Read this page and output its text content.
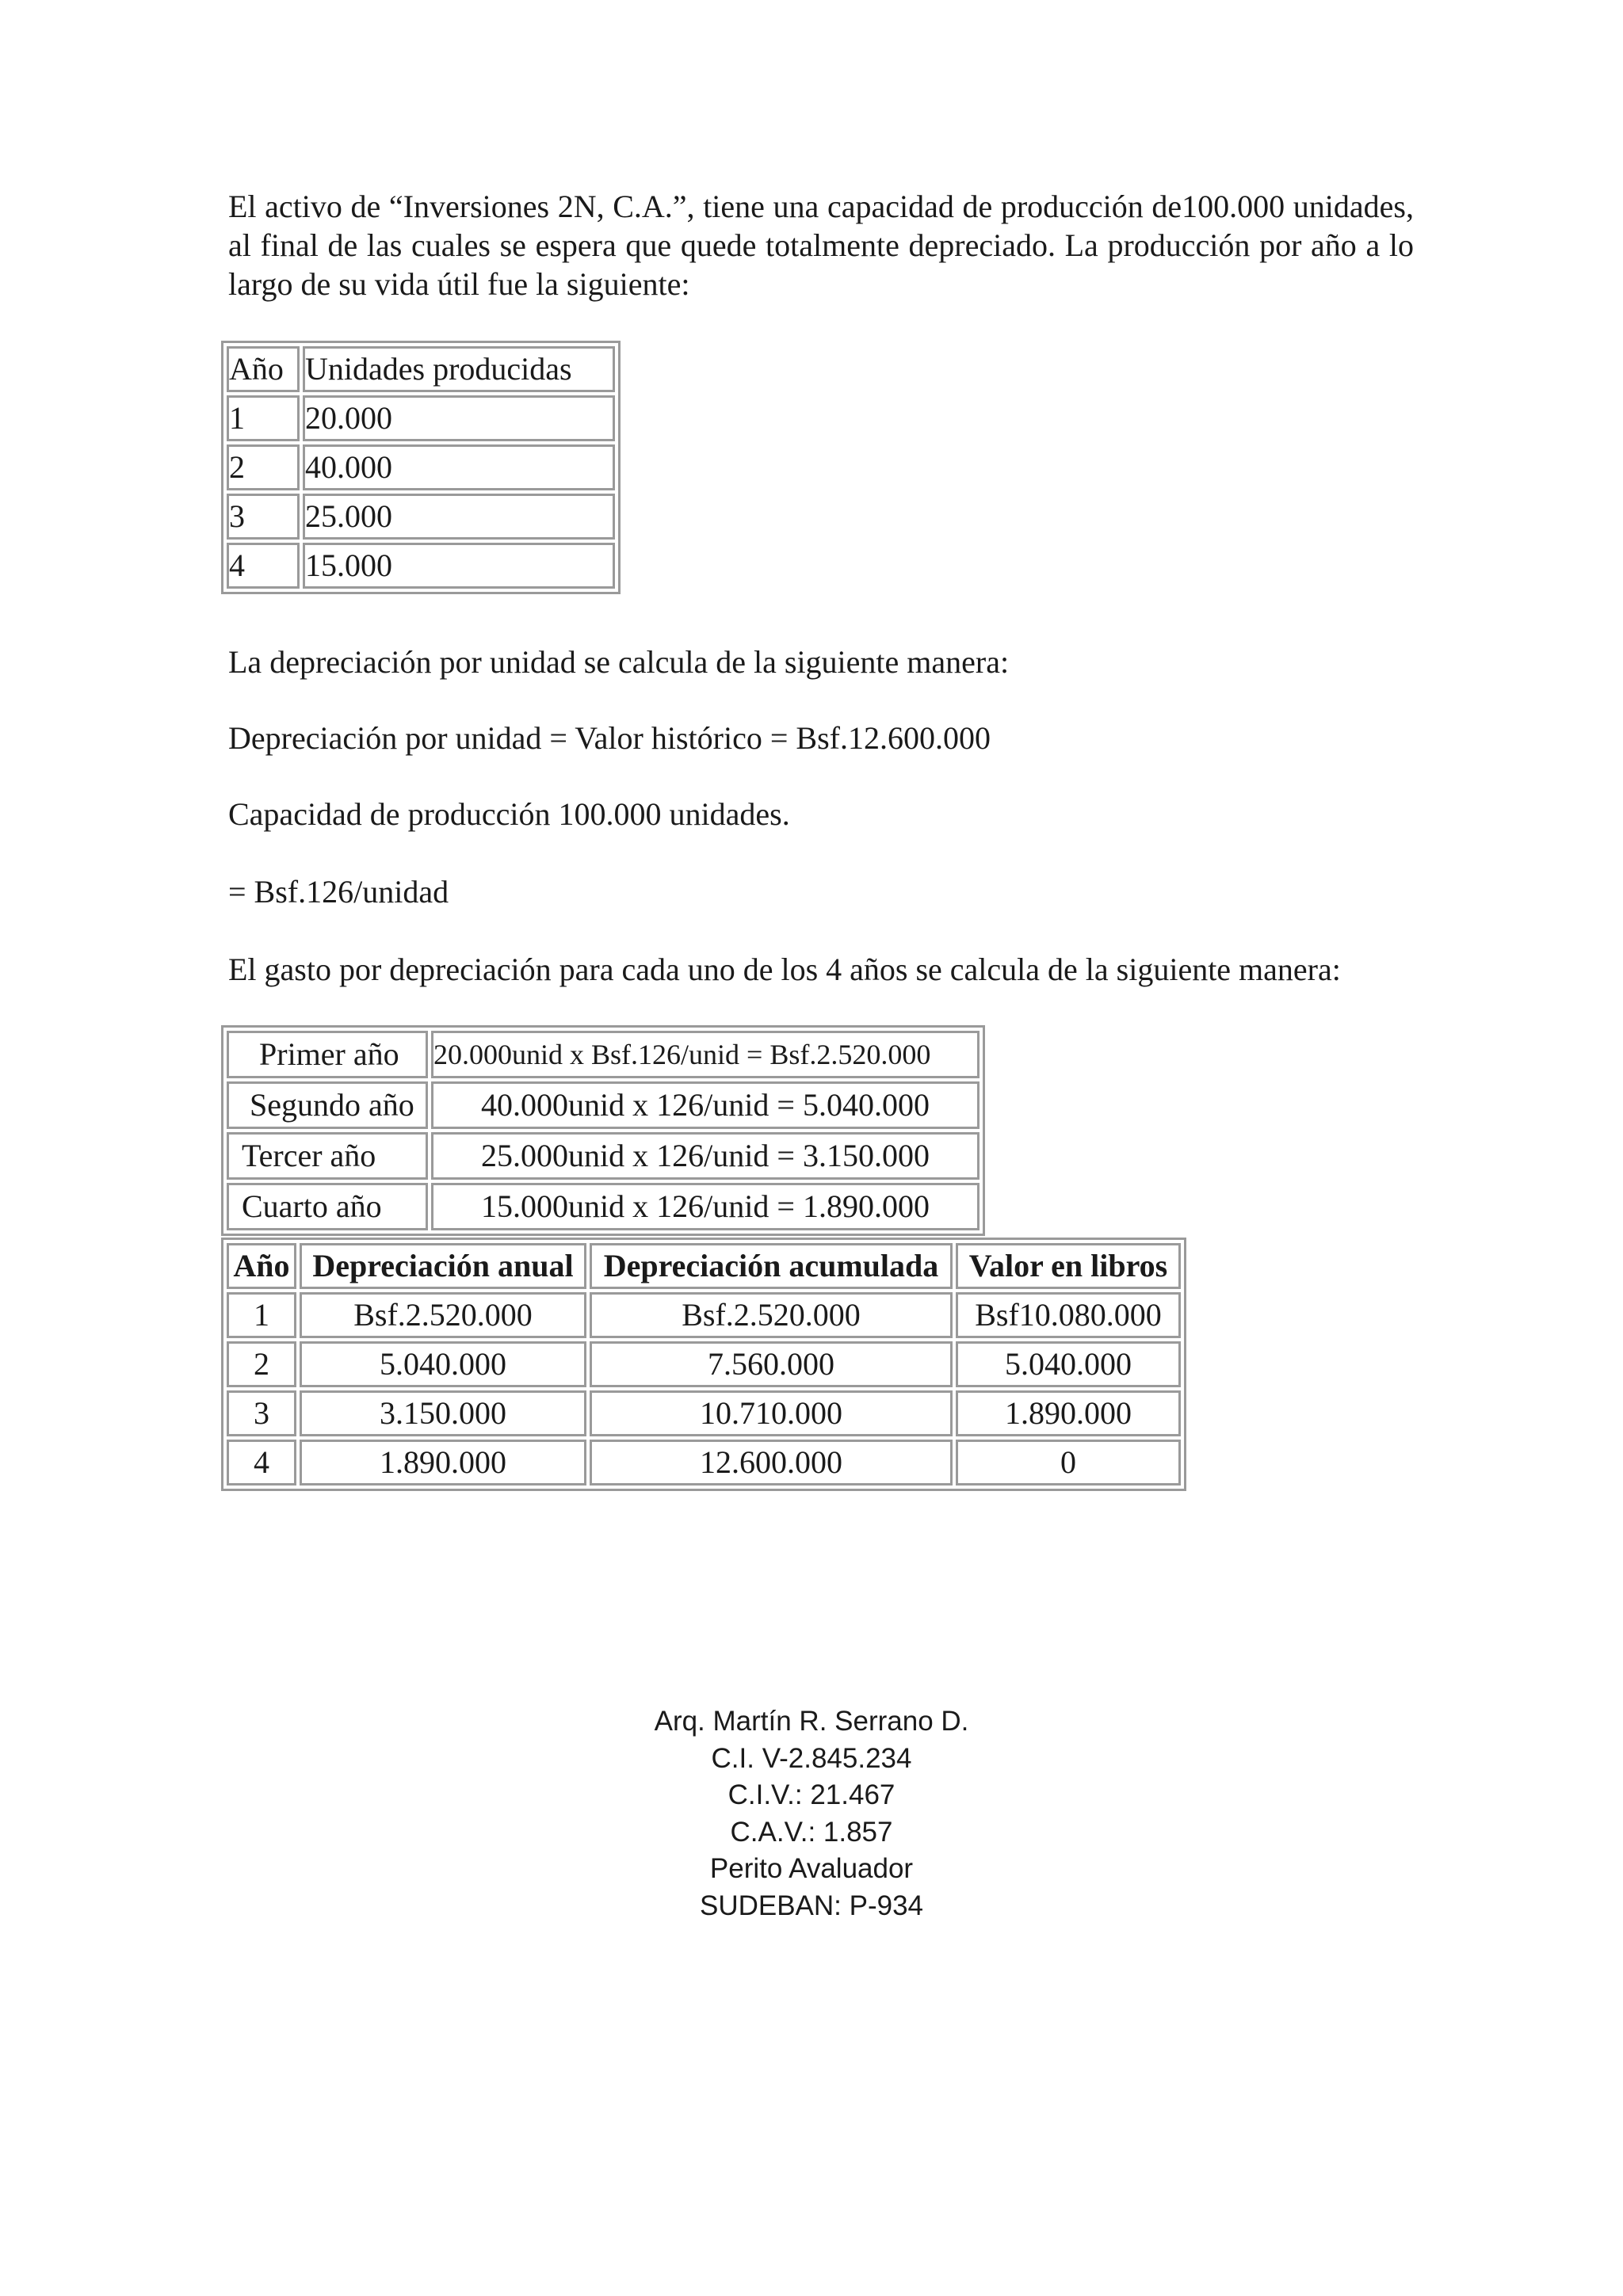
El activo de “Inversiones 2N, C.A.”, tiene una capacidad de producción de100.000 unidades, al final de las cuales se espera que quede totalmente depreciado. La producción por año a lo largo de su vida útil fue la siguiente:

Año	Unidades producidas
1	20.000
2	40.000
3	25.000
4	15.000

La depreciación por unidad se calcula de la siguiente manera:

Depreciación por unidad = Valor histórico = Bsf.12.600.000

Capacidad de producción 100.000 unidades.

= Bsf.126/unidad

El gasto por depreciación para cada uno de los 4 años se calcula de la siguiente manera:

Primer año	20.000unid x Bsf.126/unid = Bsf.2.520.000
Segundo año	40.000unid x 126/unid = 5.040.000
Tercer año	25.000unid x 126/unid = 3.150.000
Cuarto año	15.000unid x 126/unid = 1.890.000
Año	Depreciación anual	Depreciación acumulada	Valor en libros
1	Bsf.2.520.000	Bsf.2.520.000	Bsf10.080.000
2	5.040.000	7.560.000	5.040.000
3	3.150.000	10.710.000	1.890.000
4	1.890.000	12.600.000	0
Arq. Martín R. Serrano D.
C.I. V-2.845.234
C.I.V.: 21.467
C.A.V.: 1.857
Perito Avaluador
SUDEBAN: P-934
